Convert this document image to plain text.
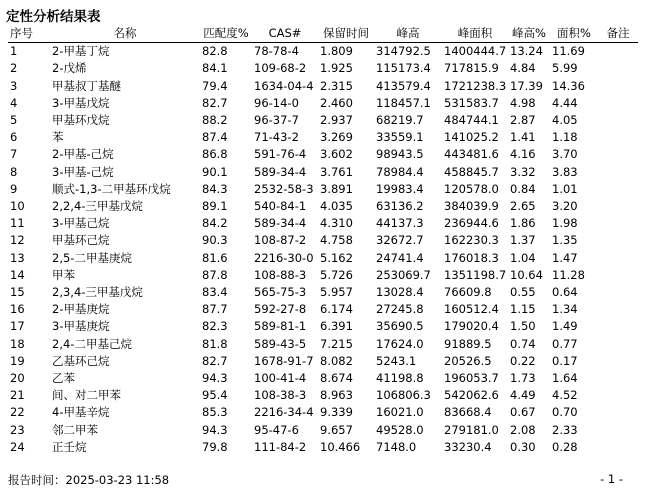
定性分析结果表
序号	名称	匹配度%	CAS#	保留时间	峰高	峰面积	峰高%	面积%	备注
1	2-甲基丁烷	82.8	78-78-4	1.809	314792.5	1400444.7	13.24	11.69	
2	2-戊烯	84.1	109-68-2	1.925	115173.4	717815.9	4.84	5.99	
3	甲基叔丁基醚	79.4	1634-04-4	2.315	413579.4	1721238.3	17.39	14.36	
4	3-甲基戊烷	82.7	96-14-0	2.460	118457.1	531583.7	4.98	4.44	
5	甲基环戊烷	88.2	96-37-7	2.937	68219.7	484744.1	2.87	4.05	
6	苯	87.4	71-43-2	3.269	33559.1	141025.2	1.41	1.18	
7	2-甲基-己烷	86.8	591-76-4	3.602	98943.5	443481.6	4.16	3.70	
8	3-甲基-己烷	90.1	589-34-4	3.761	78984.4	458845.7	3.32	3.83	
9	顺式-1,3-二甲基环戊烷	84.3	2532-58-3	3.891	19983.4	120578.0	0.84	1.01	
10	2,2,4-三甲基戊烷	89.1	540-84-1	4.035	63136.2	384039.9	2.65	3.20	
11	3-甲基己烷	84.2	589-34-4	4.310	44137.3	236944.6	1.86	1.98	
12	甲基环己烷	90.3	108-87-2	4.758	32672.7	162230.3	1.37	1.35	
13	2,5-二甲基庚烷	81.6	2216-30-0	5.162	24741.4	176018.3	1.04	1.47	
14	甲苯	87.8	108-88-3	5.726	253069.7	1351198.7	10.64	11.28	
15	2,3,4-三甲基戊烷	83.4	565-75-3	5.957	13028.4	76609.8	0.55	0.64	
16	2-甲基庚烷	87.7	592-27-8	6.174	27245.8	160512.4	1.15	1.34	
17	3-甲基庚烷	82.3	589-81-1	6.391	35690.5	179020.4	1.50	1.49	
18	2,4-二甲基己烷	81.8	589-43-5	7.215	17624.0	91889.5	0.74	0.77	
19	乙基环己烷	82.7	1678-91-7	8.082	5243.1	20526.5	0.22	0.17	
20	乙苯	94.3	100-41-4	8.674	41198.8	196053.7	1.73	1.64	
21	间、对二甲苯	95.4	108-38-3	8.963	106806.3	542062.6	4.49	4.52	
22	4-甲基辛烷	85.3	2216-34-4	9.339	16021.0	83668.4	0.67	0.70	
23	邻二甲苯	94.3	95-47-6	9.657	49528.0	279181.0	2.08	2.33	
24	正壬烷	79.8	111-84-2	10.466	7148.0	33230.4	0.30	0.28	
报告时间：2025-03-23 11:58	- 1 -
